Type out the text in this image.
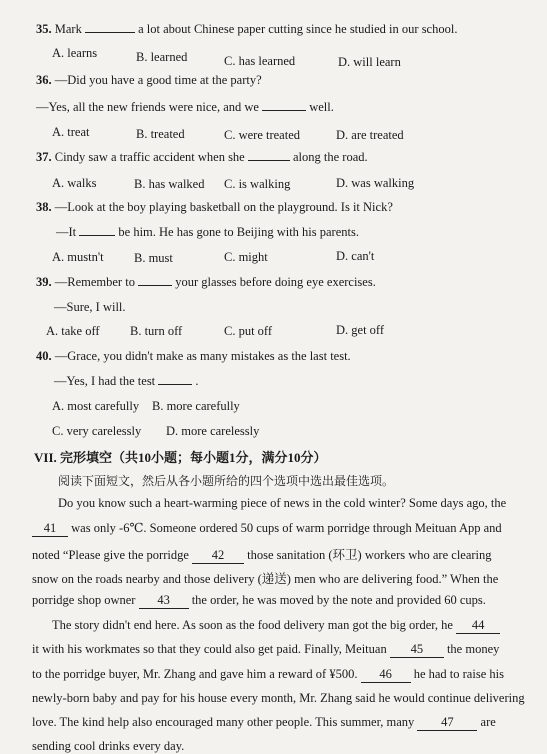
35. Mark	a lot about Chinese paper cutting since he studied in our school.
A. learns	B. learned	C. has learned	D. will learn
36. —Did you have a good time at the party?
—Yes, all the new friends were nice, and we	well.
A. treat	B. treated	C. were treated	D. are treated
37. Cindy saw a traffic accident when she	along the road.
A. walks	B. has walked C. is walking	D. was walking
38. —Look at the boy playing basketball on the playground. Is it Nick?
—It	be him. He has gone to Beijing with his parents.
A. mustn't B. must	C. might	D. can't
39. —Remember to	your glasses before doing eye exercises.
—Sure, I will.
A. take off B. turn off	C. put off	D. get off
40. —Grace, you didn't make as many mistakes as the last test.
—Yes, I had the test	.
A. most carefully B. more carefully
C. very carelessly D. more carelessly
VII. 完形填空（共10小题；每小题1分，满分10分）
阅读下面短文，然后从各小题所给的四个选项中选出最佳选项。
Do you know such a heart-warming piece of news in the cold winter? Some days ago, the
41 was only -6℃. Someone ordered 50 cups of warm porridge through Meituan App and
noted “Please give the porridge 42 those sanitation (环卫) workers who are clearing
snow on the roads nearby and those delivery (递送) men who are delivering food.” When the
porridge shop owner 43 the order, he was moved by the note and provided 60 cups.
The story didn't end here. As soon as the food delivery man got the big order, he 44
it with his workmates so that they could also get paid. Finally, Meituan 45 the money
to the porridge buyer, Mr. Zhang and gave him a reward of ¥500. 46 he had to raise his
newly-born baby and pay for his house every month, Mr. Zhang said he would continue delivering
love. The kind help also encouraged many other people. This summer, many 47 are
sending cool drinks every day.
